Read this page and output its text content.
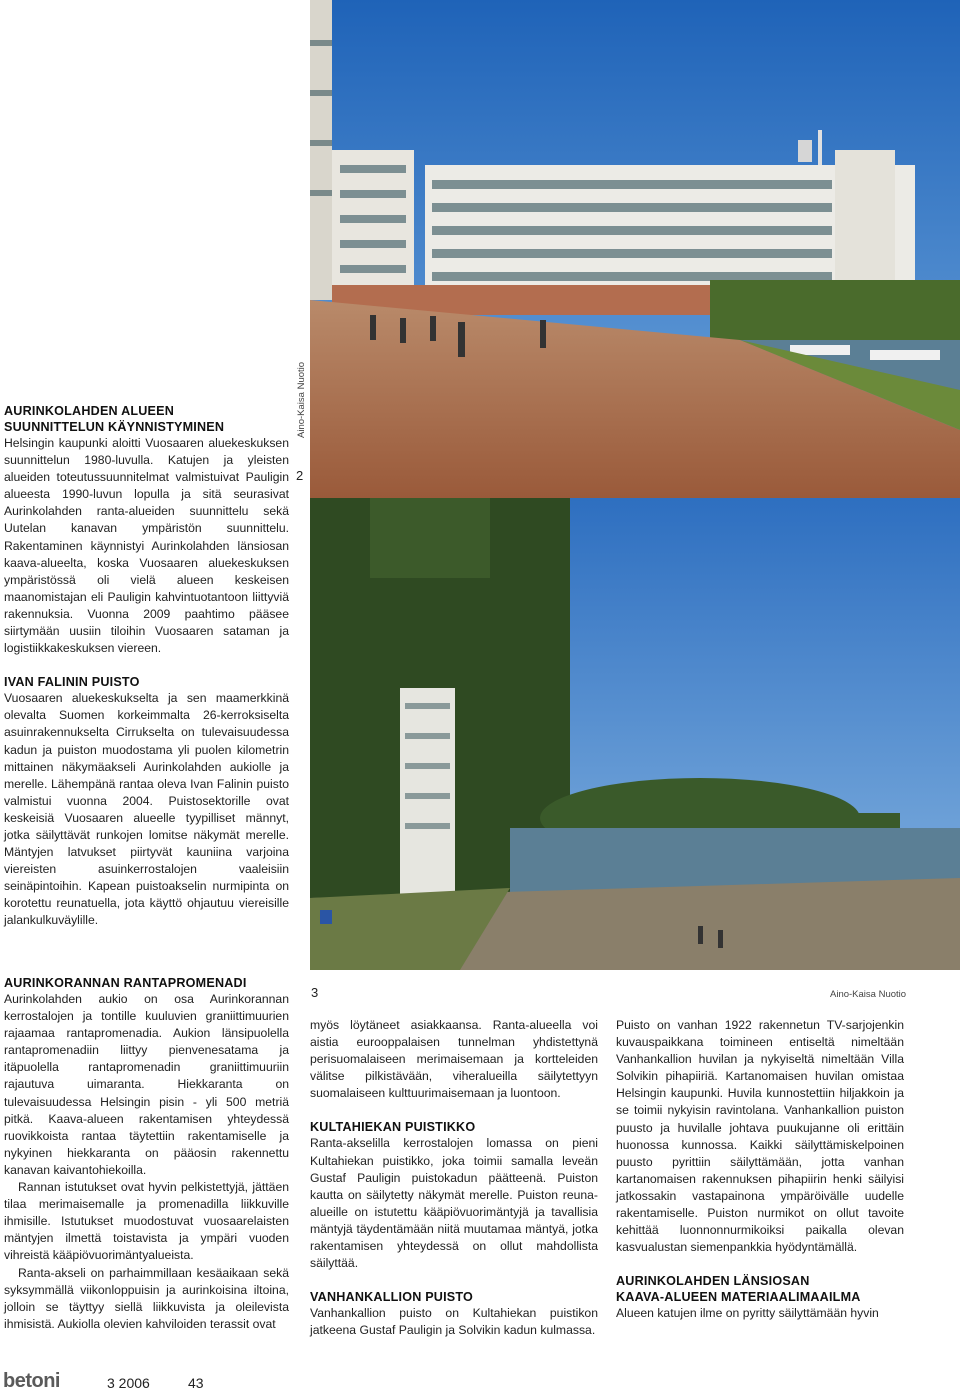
AURINKOLAHDEN ALUEEN
SUUNNITTELUN KÄYNNISTYMINEN

Helsingin kaupunki aloitti Vuosaaren aluekeskuksen suunnittelun 1980-luvulla. Katujen ja yleisten alueiden toteutussuunnitelmat valmistuivat Pauligin alueesta 1990-luvun lopulla ja sitä seurasivat Aurinkolahden ranta-alueiden suunnittelu sekä Uutelan kanavan ympäristön suunnittelu. Rakentaminen käynnistyi Aurinkolahden länsiosan kaava-alueelta, koska Vuosaaren aluekeskuksen ympäristössä oli vielä alueen keskeisen maanomistajan eli Pauligin kahvintuotantoon liittyviä rakennuksia. Vuonna 2009 paahtimo pääsee siirtymään uusiin tiloihin Vuosaaren sataman ja logistiikkakeskuksen viereen.

IVAN FALININ PUISTO

Vuosaaren aluekeskukselta ja sen maamerkkinä olevalta Suomen korkeimmalta 26-kerroksiselta asuinrakennukselta Cirrukselta on tulevaisuudessa kadun ja puiston muodostama yli puolen kilometrin mittainen näkymäakseli Aurinkolahden aukiolle ja merelle. Lähempänä rantaa oleva Ivan Falinin puisto valmistui vuonna 2004. Puistosektorille ovat keskeisiä Vuosaaren alueelle tyypilliset männyt, jotka säilyttävät runkojen lomitse näkymät merelle. Mäntyjen latvukset piirtyvät kauniina varjoina viereisten asuinkerrostalojen vaaleisiin seinäpintoihin. Kapean puistoakselin nurmipinta on korotettu reunatuella, jota käyttö ohjautuu viereisille jalankulkuväylille.

AURINKORANNAN RANTAPROMENADI

Aurinkolahden aukio on osa Aurinkorannan kerrostalojen ja tontille kuuluvien graniittimuurien rajaamaa rantapromenadia. Aukion länsipuolella rantapromenadiin liittyy pienvenesatama ja itäpuolella rantapromenadin graniittimuuriin rajautuva uimaranta. Hiekkaranta on tulevaisuudessa Helsingin pisin - yli 500 metriä pitkä. Kaava-alueen rakentamisen yhteydessä ruovikkoista rantaa täytettiin rakentamiselle ja nykyinen hiekkaranta on pääosin rakennettu kanavan kaivantohiekoilla.

Rannan istutukset ovat hyvin pelkistettyjä, jättäen tilaa merimaisemalle ja promenadilla liikkuville ihmisille. Istutukset muodostuvat vuosaarelaisten mäntyjen ilmettä toistavista ja ympäri vuoden vihreistä kääpiövuorimäntyalueista.

Ranta-akseli on parhaimmillaan kesäaikaan sekä syksymmällä viikonloppuisin ja aurinkoisina iltoina, jolloin se täyttyy siellä liikkuvista ja oleilevista ihmisistä. Aukiolla olevien kahviloiden terassit ovat

Aino-Kaisa Nuotio
2
3	Aino-Kaisa Nuotio

myös löytäneet asiakkaansa. Ranta-alueella voi aistia eurooppalaisen tunnelman yhdistettynä perisuomalaiseen merimaisemaan ja kortteleiden välitse pilkistävään, viheralueilla säilytettyyn suomalaiseen kulttuurimaisemaan ja luontoon.

KULTAHIEKAN PUISTIKKO

Ranta-akselilla kerrostalojen lomassa on pieni Kultahiekan puistikko, joka toimii samalla leveän Gustaf Pauligin puistokadun päätteenä. Puiston kautta on säilytetty näkymät merelle. Puiston reuna-alueille on istutettu kääpiövuorimäntyjä ja tavallisia mäntyjä täydentämään niitä muutamaa mäntyä, jotka rakentamisen yhteydessä on ollut mahdollista säilyttää.

VANHANKALLION PUISTO

Vanhankallion puisto on Kultahiekan puistikon jatkeena Gustaf Pauligin ja Solvikin kadun kulmassa.

Puisto on vanhan 1922 rakennetun TV-sarjojenkin kuvauspaikkana toimineen entiseltä nimeltään Vanhankallion huvilan ja nykyiseltä nimeltään Villa Solvikin pihapiiriä. Kartanomaisen huvilan omistaa Helsingin kaupunki. Huvila kunnostettiin hiljakkoin ja se toimii nykyisin ravintolana. Vanhankallion puiston puusto ja huvilalle johtava puukujanne oli erittäin huonossa kunnossa. Kaikki säilyttämiskelpoinen puusto pyrittiin säilyttämään, jotta vanhan kartanomaisen rakennuksen pihapiirin henki säilyisi jatkossakin vastapainona ympäröivälle uudelle rakentamiselle. Puiston nurmikot on ollut tavoite kehittää luonnonnurmikoiksi paikalla olevan kasvualustan siemenpankkia hyödyntämällä.

AURINKOLAHDEN LÄNSIOSAN
KAAVA-ALUEEN MATERIAALIMAAILMA

Alueen katujen ilme on pyritty säilyttämään hyvin

betoni	3 2006	43
